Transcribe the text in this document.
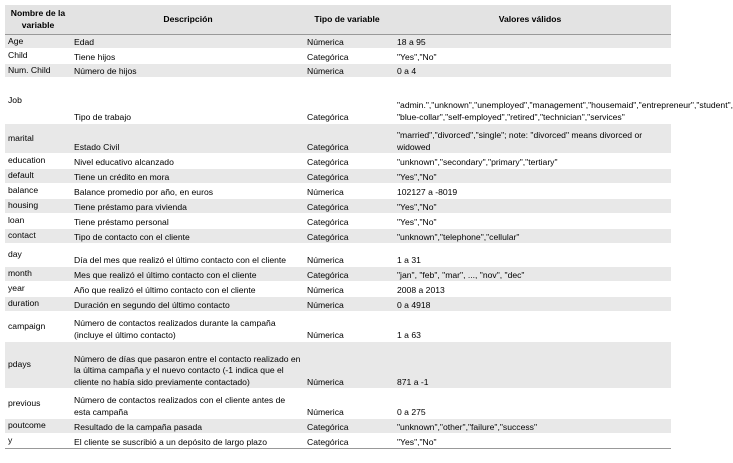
Nombre de la variable	Descripción	Tipo de variable	Valores válidos
Age	Edad	Númerica	18 a 95
Child	Tiene hijos	Categórica	"Yes","No"
Num. Child	Número de hijos	Númerica	0 a 4
Job	Tipo de trabajo	Categórica	"admin.","unknown","unemployed","management","housemaid","entrepreneur","student", "blue-collar","self-employed","retired","technician","services"
marital	Estado Civil	Categórica	"married","divorced","single"; note: "divorced" means divorced or widowed
education	Nivel educativo alcanzado	Categórica	"unknown","secondary","primary","tertiary"
default	Tiene un crédito en mora	Categórica	"Yes","No"
balance	Balance promedio por año, en euros	Númerica	102127 a -8019
housing	Tiene préstamo para vivienda	Categórica	"Yes","No"
loan	Tiene préstamo personal	Categórica	"Yes","No"
contact	Tipo de contacto con el cliente	Categórica	"unknown","telephone","cellular"
day	Día del mes que realizó el último contacto con el cliente	Númerica	1 a 31
month	Mes que realizó el último contacto con el cliente	Categórica	"jan", "feb", "mar", ..., "nov", "dec"
year	Año que realizó el último contacto con el cliente	Númerica	2008 a 2013
duration	Duración en segundo del último contacto	Númerica	0 a 4918
campaign	Número de contactos realizados durante la campaña (incluye el último contacto)	Númerica	1 a 63
pdays	Número de días que pasaron entre el contacto realizado en la última campaña y el nuevo contacto (-1 indica que el cliente no había sido previamente contactado)	Númerica	871 a -1
previous	Número de contactos realizados con el cliente antes de esta campaña	Númerica	0 a 275
poutcome	Resultado de la campaña pasada	Categórica	"unknown","other","failure","success"
y	El cliente se suscribió a un depósito de largo plazo	Categórica	"Yes","No"
